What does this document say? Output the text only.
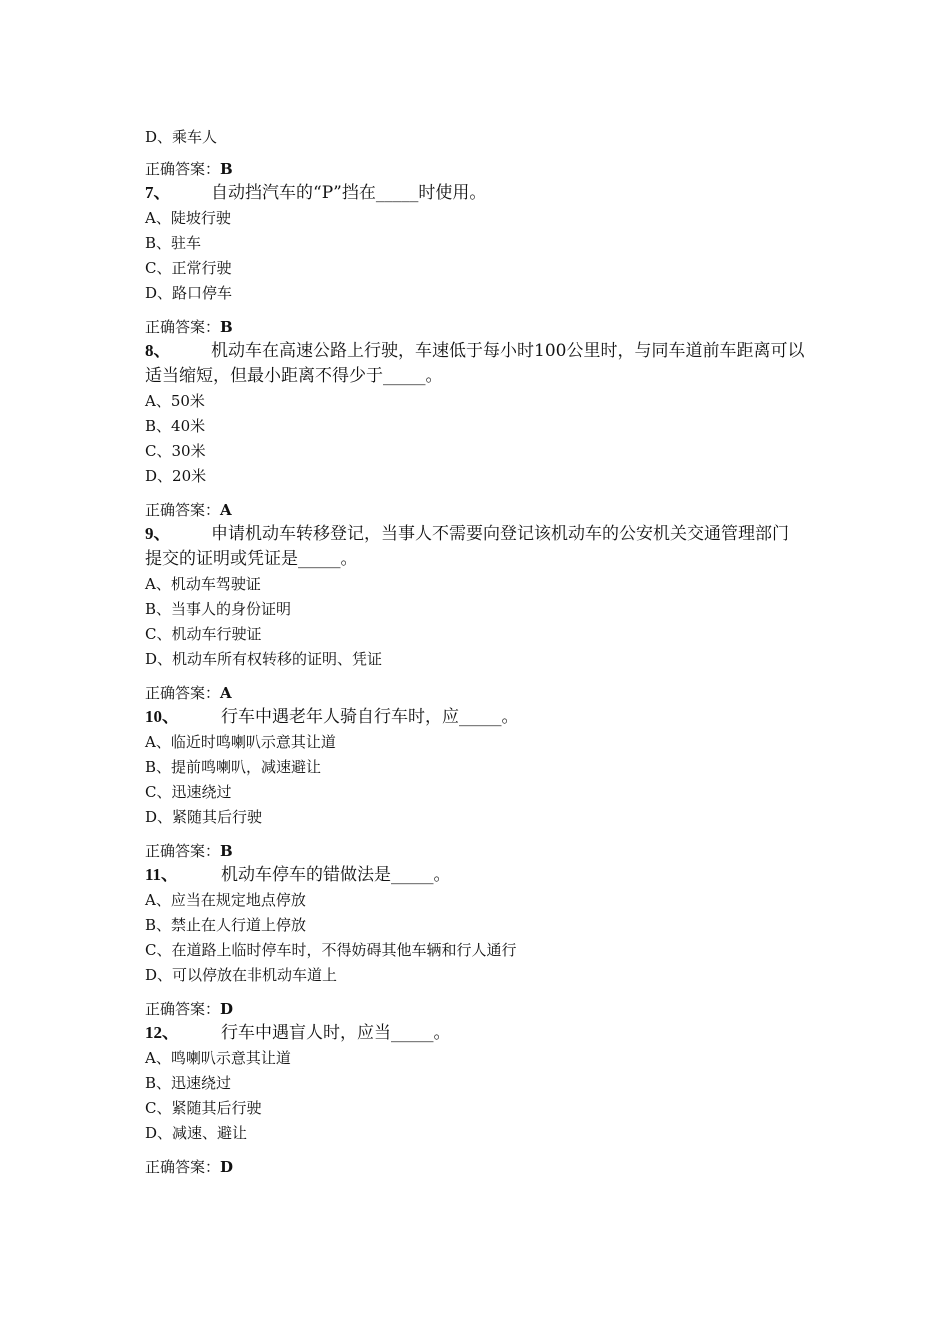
D、乘车人
正确答案：B
7、 自动挡汽车的“P”挡在_____时使用。
A、陡坡行驶
B、驻车
C、正常行驶
D、路口停车
正确答案：B
8、 机动车在高速公路上行驶，车速低于每小时100公里时，与同车道前车距离可以适当缩短，但最小距离不得少于_____。
A、50米
B、40米
C、30米
D、20米
正确答案：A
9、 申请机动车转移登记，当事人不需要向登记该机动车的公安机关交通管理部门提交的证明或凭证是_____。
A、机动车驾驶证
B、当事人的身份证明
C、机动车行驶证
D、机动车所有权转移的证明、凭证
正确答案：A
10、 行车中遇老年人骑自行车时，应_____。
A、临近时鸣喇叭示意其让道
B、提前鸣喇叭，减速避让
C、迅速绕过
D、紧随其后行驶
正确答案：B
11、	机动车停车的错做法是_____。
A、应当在规定地点停放
B、禁止在人行道上停放
C、在道路上临时停车时，不得妨碍其他车辆和行人通行
D、可以停放在非机动车道上
正确答案：D
12、 行车中遇盲人时，应当_____。
A、鸣喇叭示意其让道
B、迅速绕过
C、紧随其后行驶
D、减速、避让
正确答案：D
